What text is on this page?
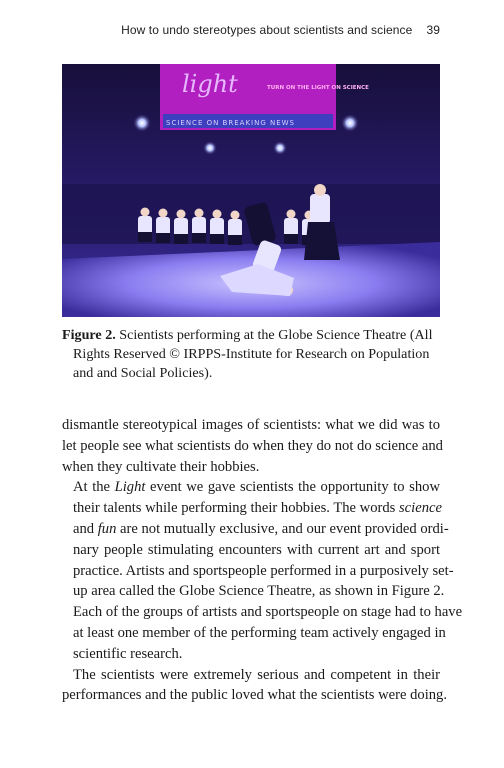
How to undo stereotypes about scientists and science 39
light	TURN ON THE LIGHT ON SCIENCE
SCIENCE ON BREAKING NEWS
Figure 2. Scientists performing at the Globe Science Theatre (All Rights Reserved © IRPPS-Institute for Research on Population and and Social Policies).

dismantle stereotypical images of scientists: what we did was to
let people see what scientists do when they do not do science and
when they cultivate their hobbies.

At the Light event we gave scientists the opportunity to show
their talents while performing their hobbies. The words science
and fun are not mutually exclusive, and our event provided ordi-
nary people stimulating encounters with current art and sport
practice. Artists and sportspeople performed in a purposively set-
up area called the Globe Science Theatre, as shown in Figure 2.
Each of the groups of artists and sportspeople on stage had to have
at least one member of the performing team actively engaged in
scientific research.

The scientists were extremely serious and competent in their
performances and the public loved what the scientists were doing.
